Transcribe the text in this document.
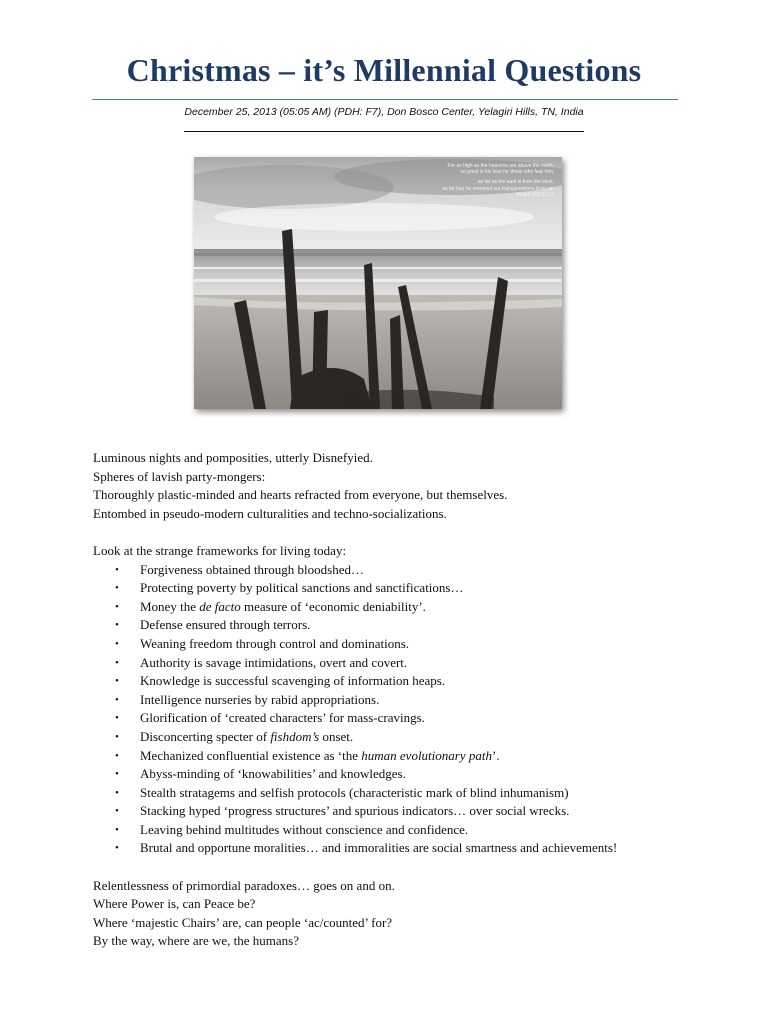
Christmas – it’s Millennial Questions
December 25, 2013 (05:05 AM) (PDH: F7), Don Bosco Center, Yelagiri Hills, TN, India
For as high as the heavens are above the earth,
so great is his love for those who fear him;
as far as the east is from the west,
so far has he removed our transgressions from us.
Psalm 103:11-12

Luminous nights and pomposities, utterly Disnefyied.

Spheres of lavish party-mongers:

Thoroughly plastic-minded and hearts refracted from everyone, but themselves.

Entombed in pseudo-modern culturalities and techno-socializations.

Look at the strange frameworks for living today:

• Forgiveness obtained through bloodshed…
• Protecting poverty by political sanctions and sanctifications…
• Money the de facto measure of ‘economic deniability’.
• Defense ensured through terrors.
• Weaning freedom through control and dominations.
• Authority is savage intimidations, overt and covert.
• Knowledge is successful scavenging of information heaps.
• Intelligence nurseries by rabid appropriations.
• Glorification of ‘created characters’ for mass-cravings.
• Disconcerting specter of fishdom’s onset.
• Mechanized confluential existence as ‘the human evolutionary path’.
• Abyss-minding of ‘knowabilities’ and knowledges.
• Stealth stratagems and selfish protocols (characteristic mark of blind inhumanism)
• Stacking hyped ‘progress structures’ and spurious indicators… over social wrecks.
• Leaving behind multitudes without conscience and confidence.
• Brutal and opportune moralities… and immoralities are social smartness and achievements!

Relentlessness of primordial paradoxes… goes on and on.

Where Power is, can Peace be?

Where ‘majestic Chairs’ are, can people ‘ac/counted’ for?

By the way, where are we, the humans?
